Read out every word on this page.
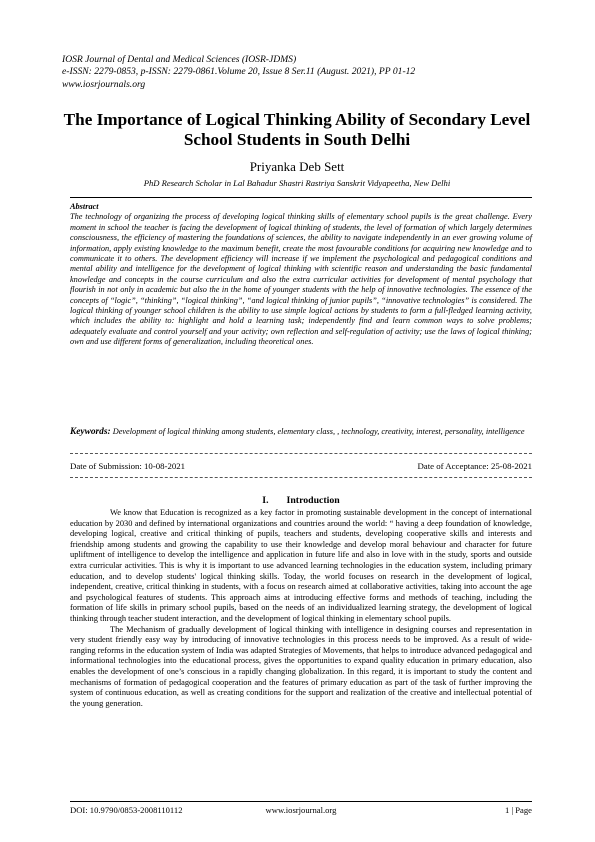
IOSR Journal of Dental and Medical Sciences (IOSR-JDMS)
e-ISSN: 2279-0853, p-ISSN: 2279-0861.Volume 20, Issue 8 Ser.11 (August. 2021), PP 01-12
www.iosrjournals.org
The Importance of Logical Thinking Ability of Secondary Level School Students in South Delhi
Priyanka Deb Sett
PhD Research Scholar in Lal Bahadur Shastri Rastriya Sanskrit Vidyapeetha, New Delhi
Abstract
The technology of organizing the process of developing logical thinking skills of elementary school pupils is the great challenge. Every moment in school the teacher is facing the development of logical thinking of students, the level of formation of which largely determines consciousness, the efficiency of mastering the foundations of sciences, the ability to navigate independently in an ever growing volume of information, apply existing knowledge to the maximum benefit, create the most favourable conditions for acquiring new knowledge and to communicate it to others. The development efficiency will increase if we implement the psychological and pedagogical conditions and mental ability and intelligence for the development of logical thinking with scientific reason and understanding the basic fundamental knowledge and concepts in the course curriculum and also the extra curricular activities for development of mental psychology that flourish in not only in academic but also the in the home of younger students with the help of innovative technologies. The essence of the concepts of “logic”, “thinking”, “logical thinking”, “and logical thinking of junior pupils”, “innovative technologies” is considered. The logical thinking of younger school children is the ability to use simple logical actions by students to form a full-fledged learning activity, which includes the ability to: highlight and hold a learning task; independently find and learn common ways to solve problems; adequately evaluate and control yourself and your activity; own reflection and self-regulation of activity; use the laws of logical thinking; own and use different forms of generalization, including theoretical ones.
Keywords: Development of logical thinking among students, elementary class, , technology, creativity, interest, personality, intelligence
Date of Submission: 10-08-2021	Date of Acceptance: 25-08-2021
I. Introduction

We know that Education is recognized as a key factor in promoting sustainable development in the concept of international education by 2030 and defined by international organizations and countries around the world: “ having a deep foundation of knowledge, developing logical, creative and critical thinking of pupils, teachers and students, developing cooperative skills and interests and friendship among students and growing the capability to use their knowledge and develop moral behaviour and character for future upliftment of intelligence to develop the intelligence and application in future life and also in love with in the study, sports and outside extra curricular activities. This is why it is important to use advanced learning technologies in the education system, including primary education, and to develop students' logical thinking skills. Today, the world focuses on research in the development of logical, independent, creative, critical thinking in students, with a focus on research aimed at collaborative activities, taking into account the age and psychological features of students. This approach aims at introducing effective forms and methods of teaching, including the formation of life skills in primary school pupils, based on the needs of an individualized learning strategy, the development of logical thinking through teacher student interaction, and the development of logical thinking in elementary school pupils.

The Mechanism of gradually development of logical thinking with intelligence in designing courses and representation in very student friendly easy way by introducing of innovative technologies in this process needs to be improved. As a result of wide-ranging reforms in the education system of India was adapted Strategies of Movements, that helps to introduce advanced pedagogical and informational technologies into the educational process, gives the opportunities to expand quality education in primary education, also enables the development of one’s conscious in a rapidly changing globalization. In this regard, it is important to study the content and mechanisms of formation of pedagogical cooperation and the features of primary education as part of the task of further improving the system of continuous education, as well as creating conditions for the support and realization of the creative and intellectual potential of the young generation.

DOI: 10.9790/0853-2008110112	www.iosrjournal.org	1 | Page
